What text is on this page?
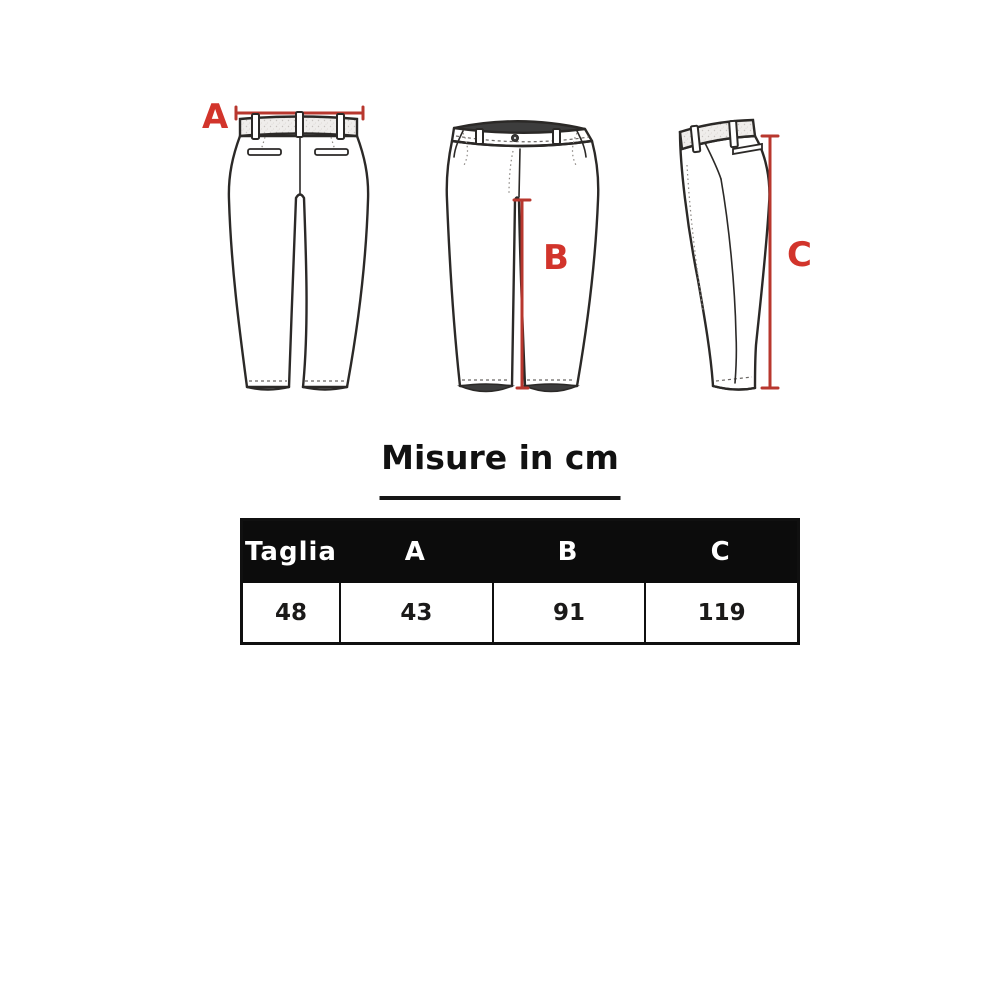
A
B	C
Misure in cm
Taglia	A	B	C
48	43	91	119
